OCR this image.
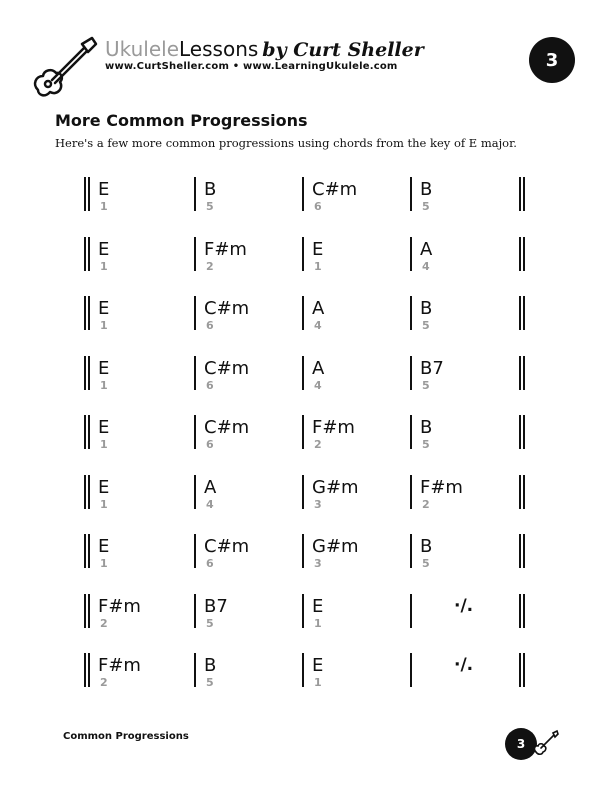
UkuleleLessons by Curt Sheller
www.CurtSheller.com • www.LearningUkulele.com	3
More Common Progressions
Here's a few more common progressions using chords from the key of E major.
E
1
B
5
C#m
6
B
5
E
1
F#m
2
E
1
A
4
E
1
C#m
6
A
4
B
5
E
1
C#m
6
A
4
B7
5
E
1
C#m
6
F#m
2
B
5
E
1
A
4
G#m
3
F#m
2
E
1
C#m
6
G#m
3
B
5
F#m
2
B7
5
E
1
·/.
F#m
2
B
5
E
1
·/.
Common Progressions
3
